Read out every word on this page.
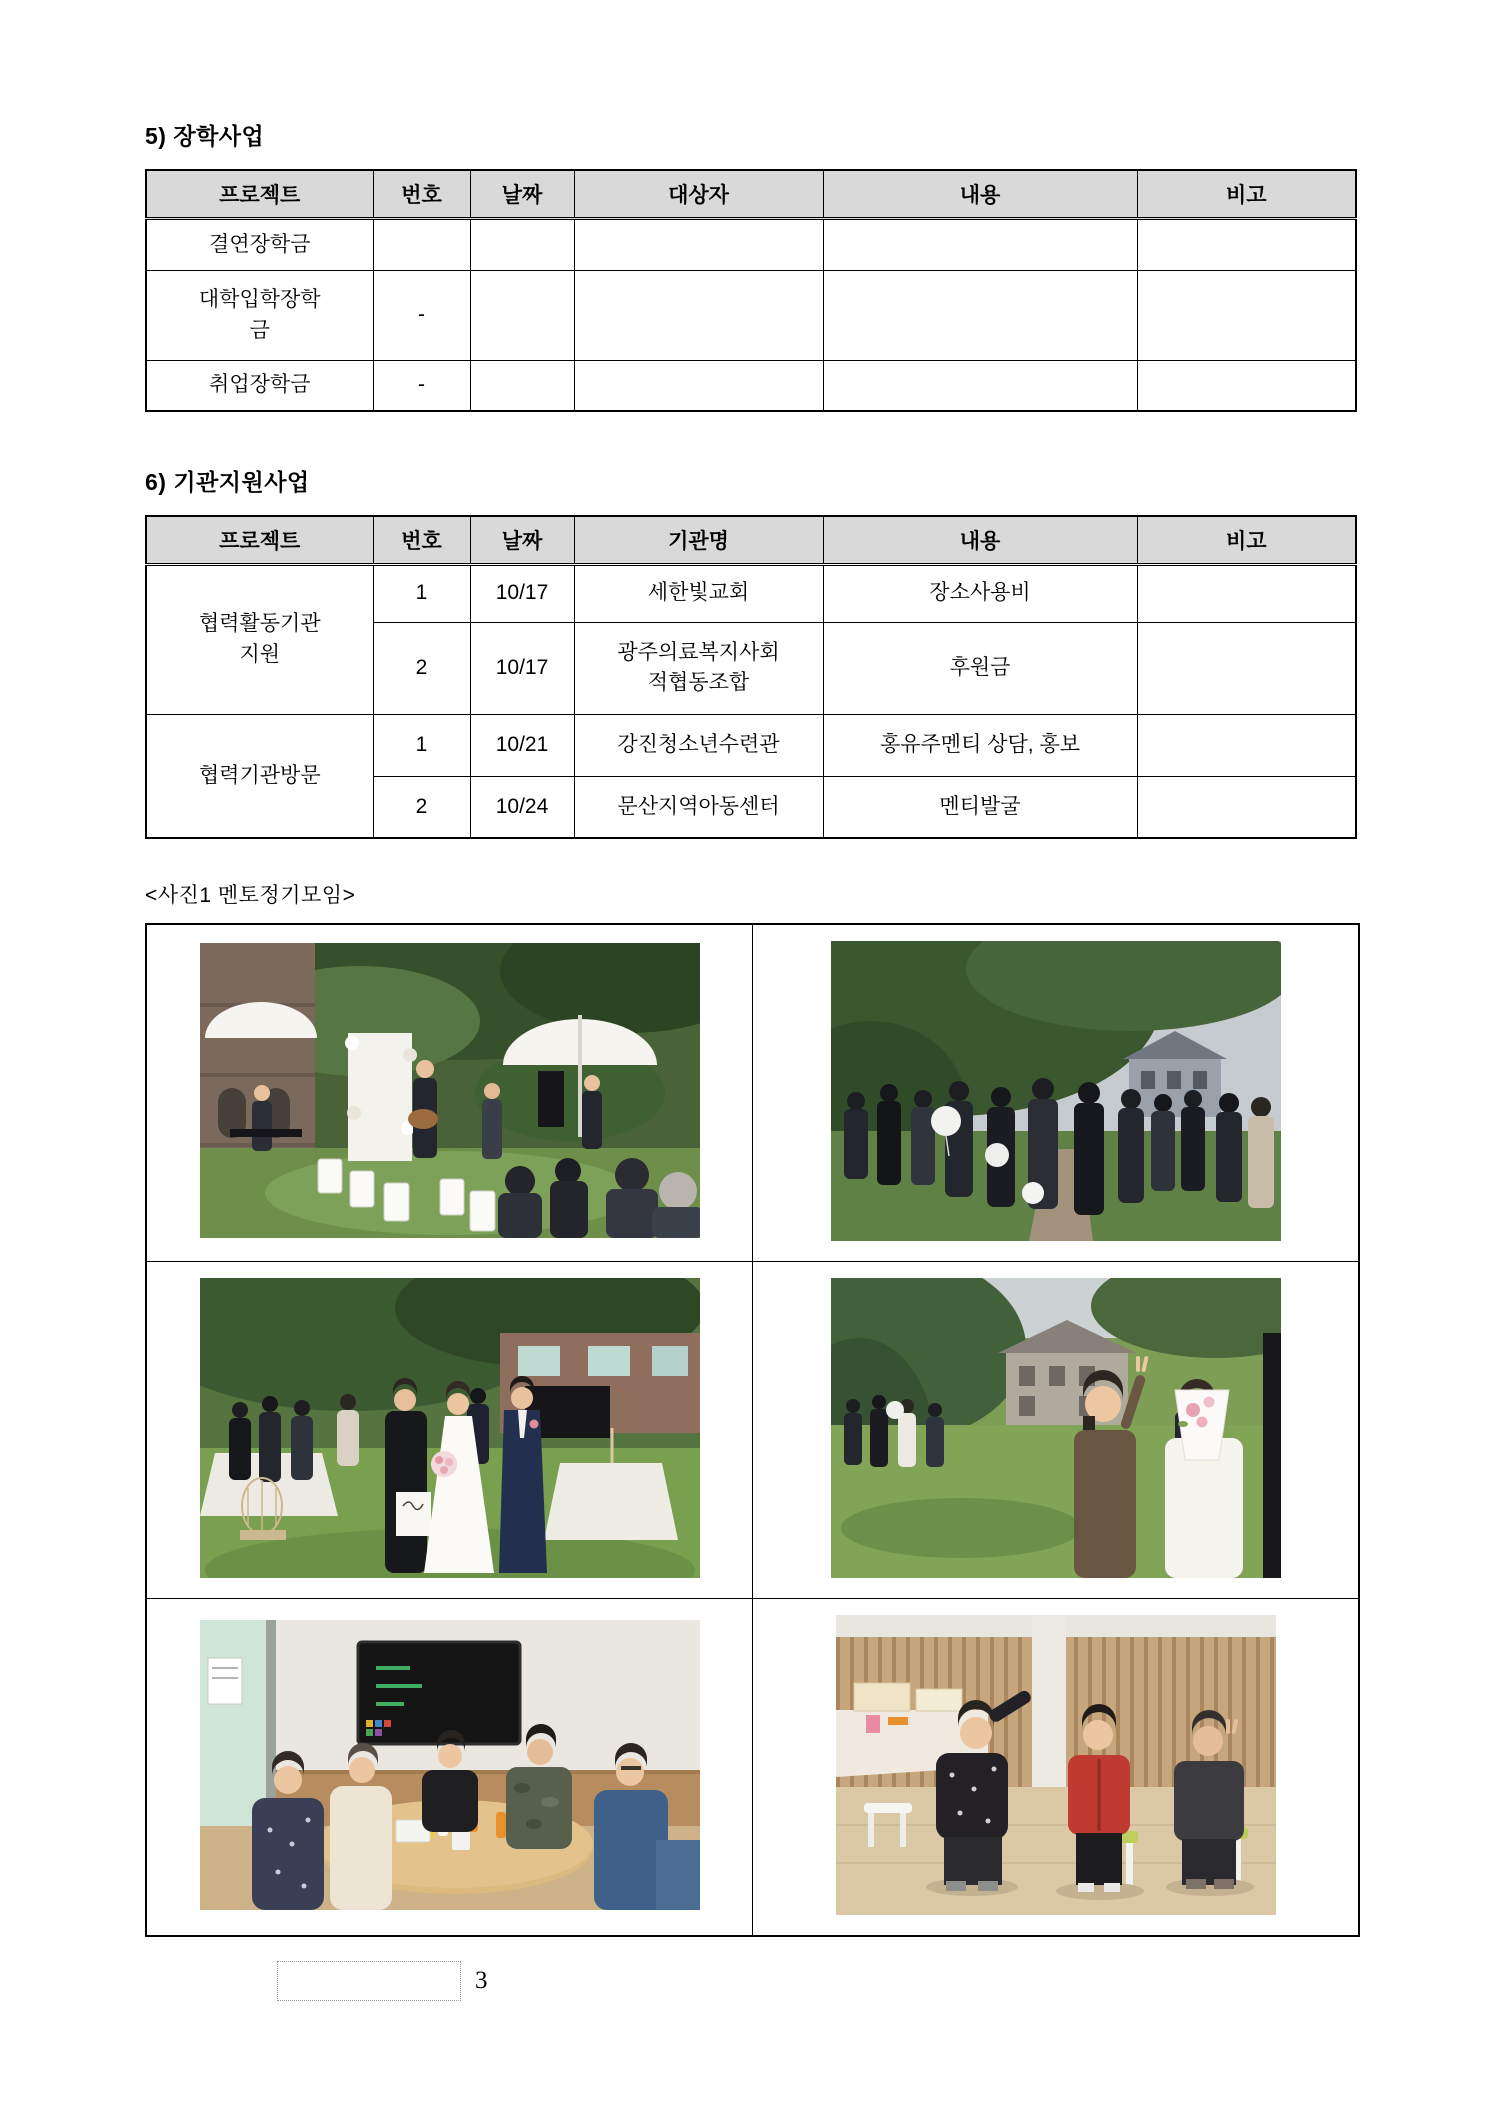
5) 장학사업
프로젝트	번호	날짜	대상자	내용	비고
결연장학금					
대학입학장학금	-				
취업장학금	-				
6) 기관지원사업
프로젝트	번호	날짜	기관명	내용	비고
협력활동기관 지원	1	10/17	세한빛교회	장소사용비	
	2	10/17	광주의료복지사회적협동조합	후원금	
협력기관방문	1	10/21	강진청소년수련관	홍유주멘티 상담, 홍보	
	2	10/24	문산지역아동센터	멘티발굴	
<사진1 멘토정기모임>

3
